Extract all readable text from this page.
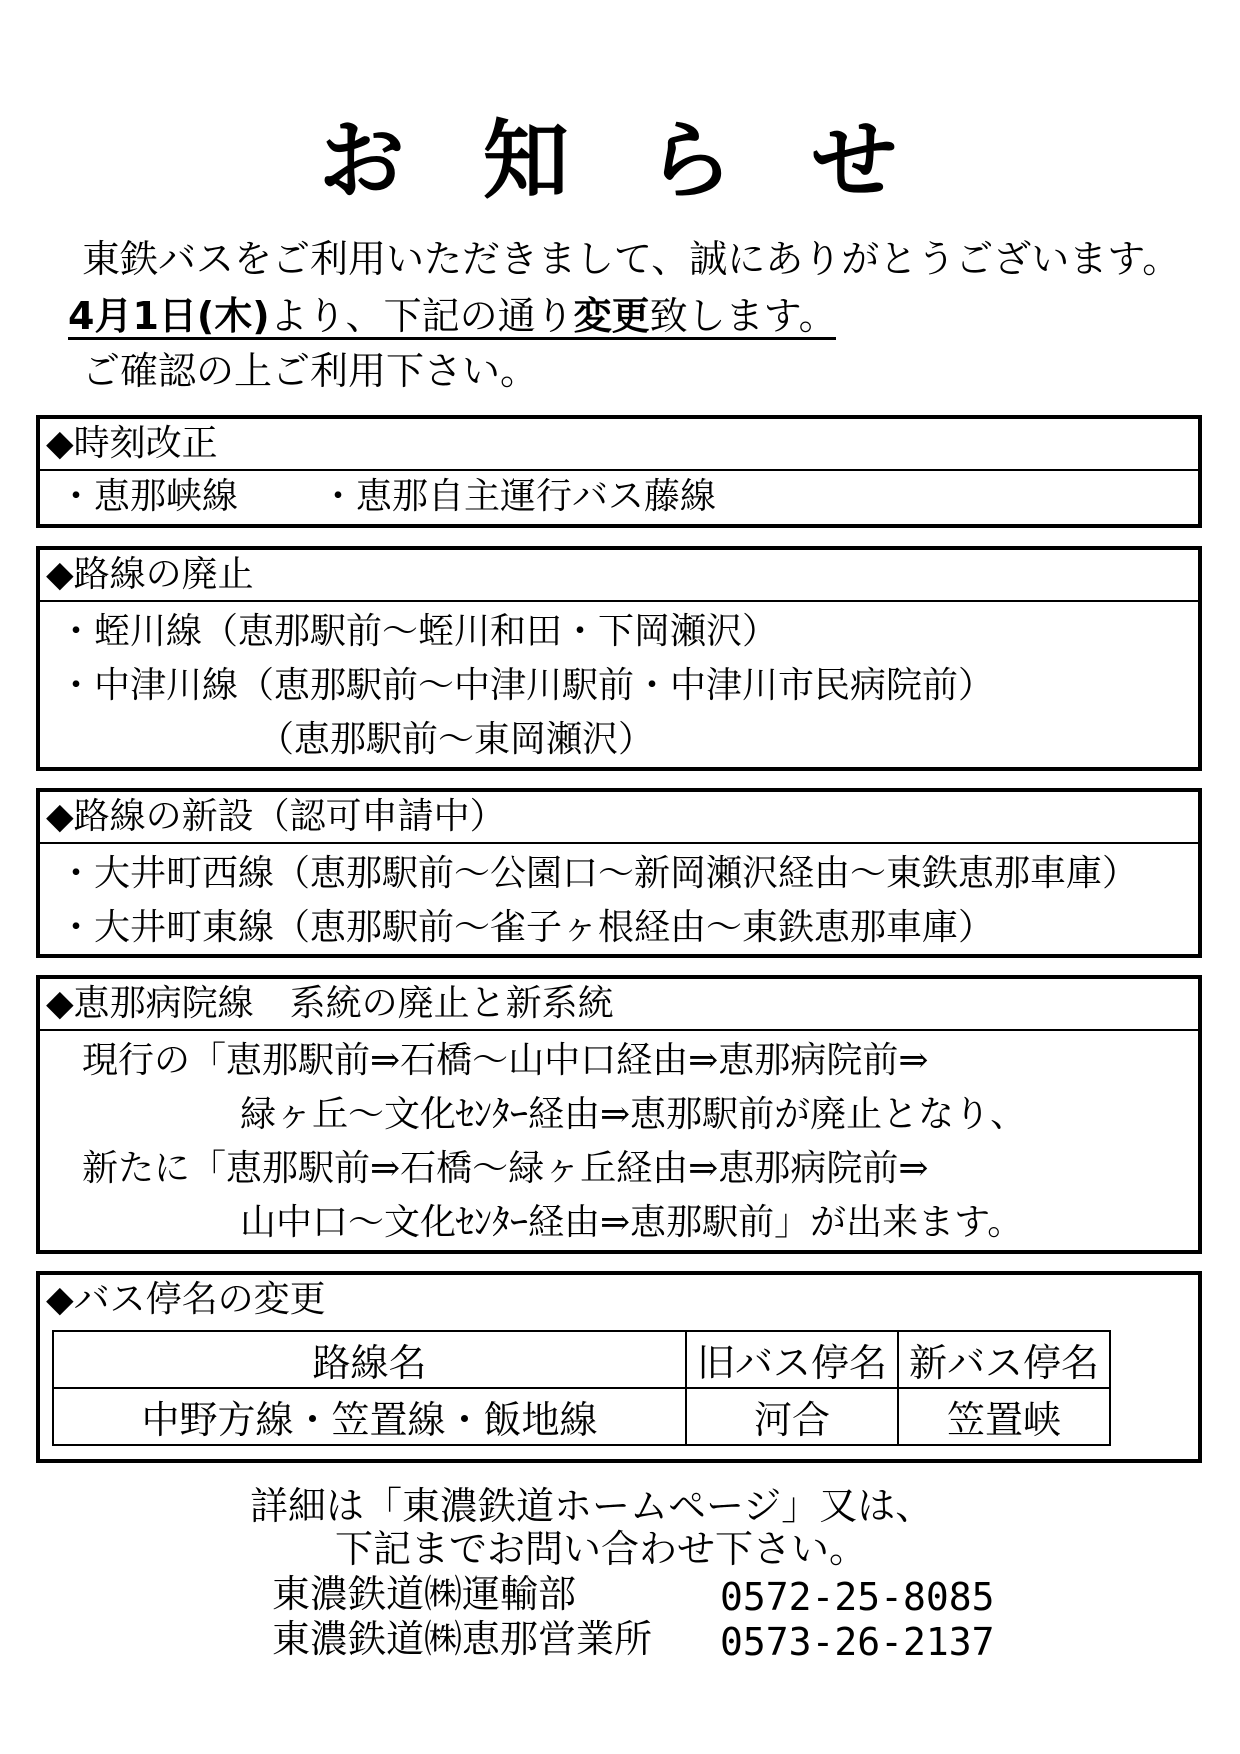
お 知 ら せ
東鉄バスをご利用いただきまして、誠にありがとうございます。
4月1日(木)より、下記の通り変更致します。
ご確認の上ご利用下さい。
◆時刻改正
・恵那峡線 ・恵那自主運行バス藤線
◆路線の廃止
・蛭川線（恵那駅前〜蛭川和田・下岡瀬沢）
・中津川線（恵那駅前〜中津川駅前・中津川市民病院前）
（恵那駅前〜東岡瀬沢）
◆路線の新設（認可申請中）
・大井町西線（恵那駅前〜公園口〜新岡瀬沢経由〜東鉄恵那車庫）
・大井町東線（恵那駅前〜雀子ヶ根経由〜東鉄恵那車庫）
◆恵那病院線　系統の廃止と新系統
現行の「恵那駅前⇒石橋〜山中口経由⇒恵那病院前⇒
緑ヶ丘〜文化ｾﾝﾀｰ経由⇒恵那駅前が廃止となり、
新たに「恵那駅前⇒石橋〜緑ヶ丘経由⇒恵那病院前⇒
山中口〜文化ｾﾝﾀｰ経由⇒恵那駅前」が出来ます。
◆バス停名の変更
路線名	旧バス停名	新バス停名
中野方線・笠置線・飯地線	河合	笠置峡
詳細は「東濃鉄道ホームページ」又は、
下記までお問い合わせ下さい。
東濃鉄道㈱運輸部	0572-25-8085
東濃鉄道㈱恵那営業所 0573-26-2137
